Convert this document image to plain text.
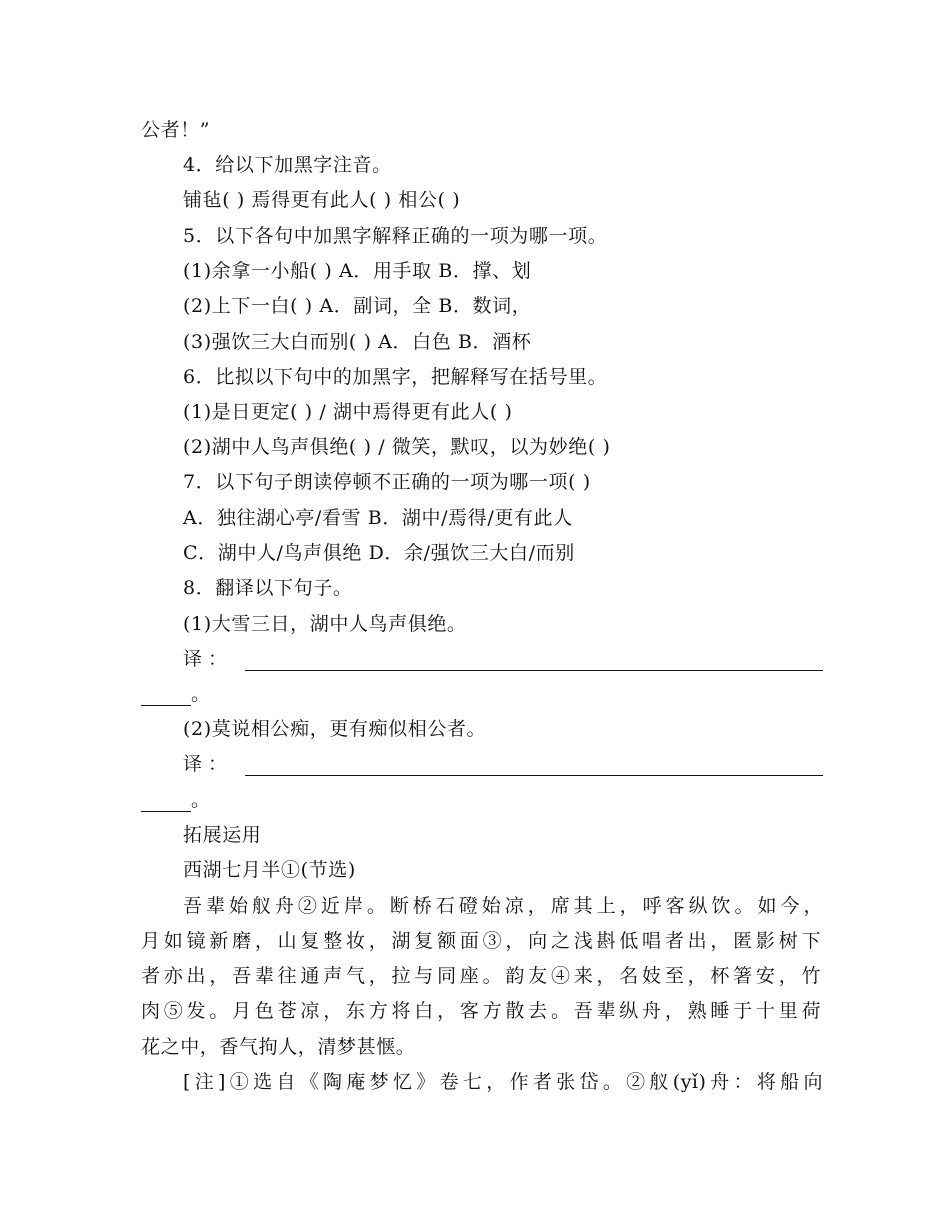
公者！”
4．给以下加黑字注音。
铺毡( ) 焉得更有此人( ) 相公( )
5．以下各句中加黑字解释正确的一项为哪一项。
(1)余拿一小船( ) A．用手取 B．撑、划
(2)上下一白( ) A．副词，全 B．数词，
(3)强饮三大白而别( ) A．白色 B．酒杯
6．比拟以下句中的加黑字，把解释写在括号里。
(1)是日更定( ) / 湖中焉得更有此人( )
(2)湖中人鸟声俱绝( ) / 微笑，默叹，以为妙绝( )
7．以下句子朗读停顿不正确的一项为哪一项( )
A．独往湖心亭/看雪 B．湖中/焉得/更有此人
C．湖中人/鸟声俱绝 D．余/强饮三大白/而别
8．翻译以下句子。
(1)大雪三日，湖中人鸟声俱绝。
译：
。
(2)莫说相公痴，更有痴似相公者。
译：
。
拓展运用
西湖七月半①(节选)
吾辈始舣舟②近岸。断桥石磴始凉，席其上，呼客纵饮。如今，
月如镜新磨，山复整妆，湖复额面③，向之浅斟低唱者出，匿影树下
者亦出，吾辈往通声气，拉与同座。韵友④来，名妓至，杯箸安，竹
肉⑤发。月色苍凉，东方将白，客方散去。吾辈纵舟，熟睡于十里荷
花之中，香气拘人，清梦甚惬。
[注]①选自《陶庵梦忆》卷七，作者张岱。②舣(yǐ)舟：将船向
